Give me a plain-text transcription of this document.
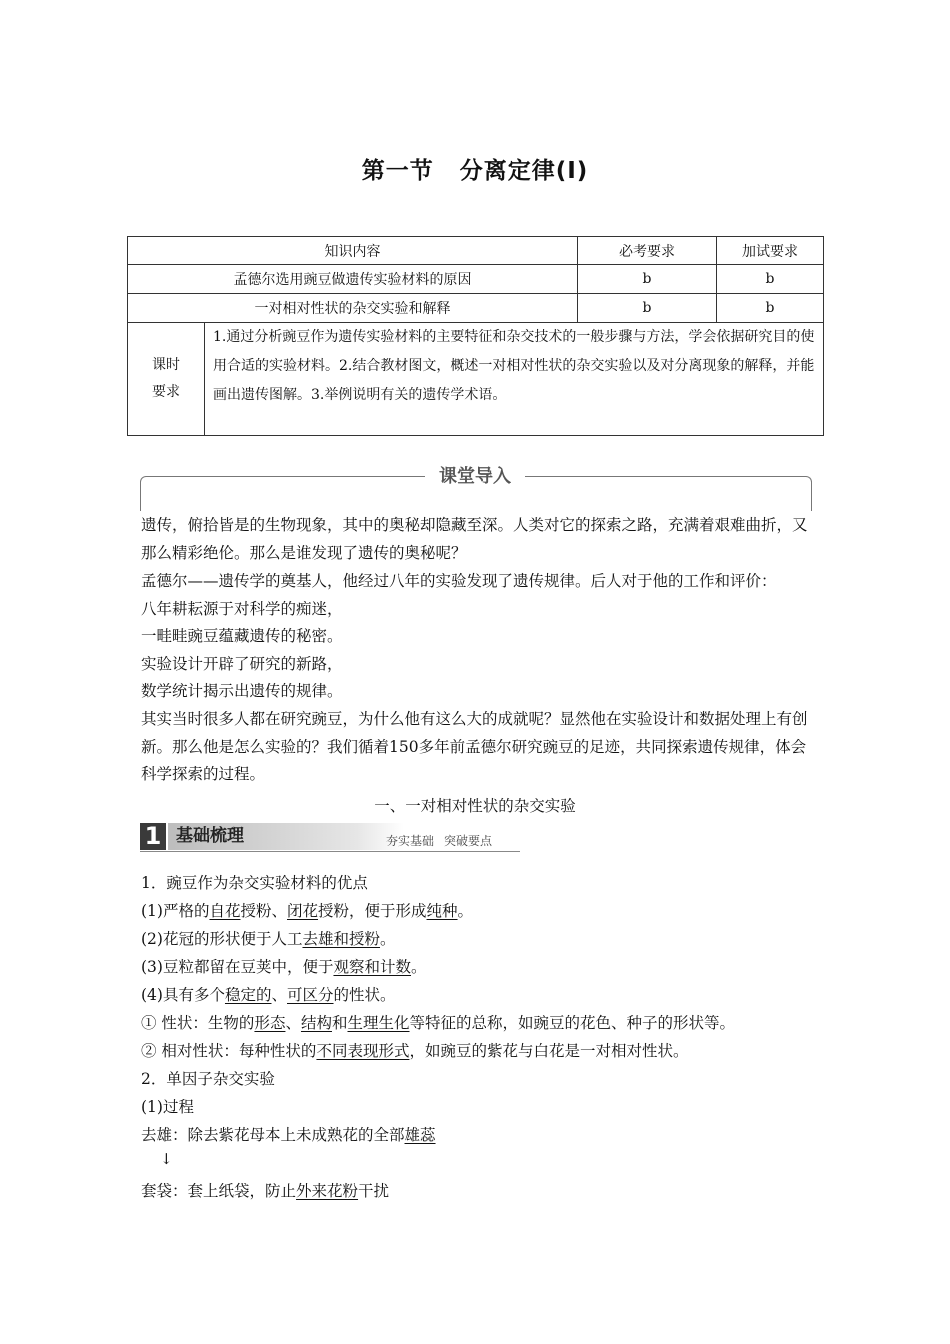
第一节 分离定律(Ⅰ)
知识内容		必考要求	加试要求
孟德尔选用豌豆做遗传实验材料的原因		b	b
一对相对性状的杂交实验和解释		b	b

课时
要求	1.通过分析豌豆作为遗传实验材料的主要特征和杂交技术的一般步骤与方法，学会依据研究目的使用合适的实验材料。2.结合教材图文，概述一对相对性状的杂交实验以及对分离现象的解释，并能画出遗传图解。3.举例说明有关的遗传学术语。		
课堂导入

遗传，俯拾皆是的生物现象，其中的奥秘却隐藏至深。人类对它的探索之路，充满着艰难曲折，又那么精彩绝伦。那么是谁发现了遗传的奥秘呢？

孟德尔——遗传学的奠基人，他经过八年的实验发现了遗传规律。后人对于他的工作和评价：

八年耕耘源于对科学的痴迷，

一畦畦豌豆蕴藏遗传的秘密。

实验设计开辟了研究的新路，

数学统计揭示出遗传的规律。

其实当时很多人都在研究豌豆，为什么他有这么大的成就呢？显然他在实验设计和数据处理上有创新。那么他是怎么实验的？我们循着150多年前孟德尔研究豌豆的足迹，共同探索遗传规律，体会科学探索的过程。

一、一对相对性状的杂交实验

1 基础梳理	夯实基础 突破要点

1．豌豆作为杂交实验材料的优点

(1)严格的自花授粉、闭花授粉，便于形成纯种。

(2)花冠的形状便于人工去雄和授粉。

(3)豆粒都留在豆荚中，便于观察和计数。

(4)具有多个稳定的、可区分的性状。

① 性状：生物的形态、结构和生理生化等特征的总称，如豌豆的花色、种子的形状等。

② 相对性状：每种性状的不同表现形式，如豌豆的紫花与白花是一对相对性状。

2．单因子杂交实验

(1)过程

去雄：除去紫花母本上未成熟花的全部雄蕊

↓

套袋：套上纸袋，防止外来花粉干扰
